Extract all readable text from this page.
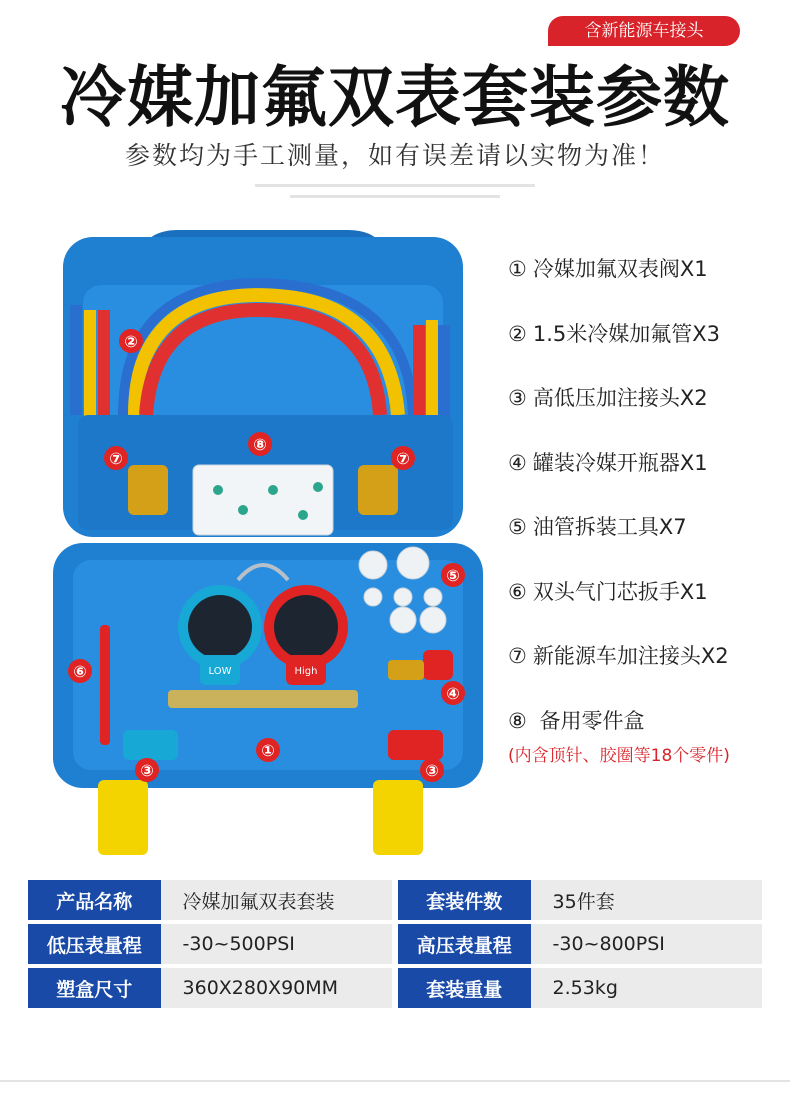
含新能源车接头
冷媒加氟双表套装参数
参数均为手工测量，如有误差请以实物为准！
LOW	High
①
②
③	③
⑦	⑦
⑧
⑤
④
⑥
① 冷媒加氟双表阀X1
② 1.5米冷媒加氟管X3
③ 高低压加注接头X2
④ 罐装冷媒开瓶器X1
⑤ 油管拆装工具X7
⑥ 双头气门芯扳手X1
⑦ 新能源车加注接头X2
⑧ 备用零件盒
(内含顶针、胶圈等18个零件)
产品名称	冷媒加氟双表套装		套装件数	35件套
低压表量程	-30~500PSI		高压表量程	-30~800PSI
塑盒尺寸	360X280X90MM		套装重量	2.53kg
